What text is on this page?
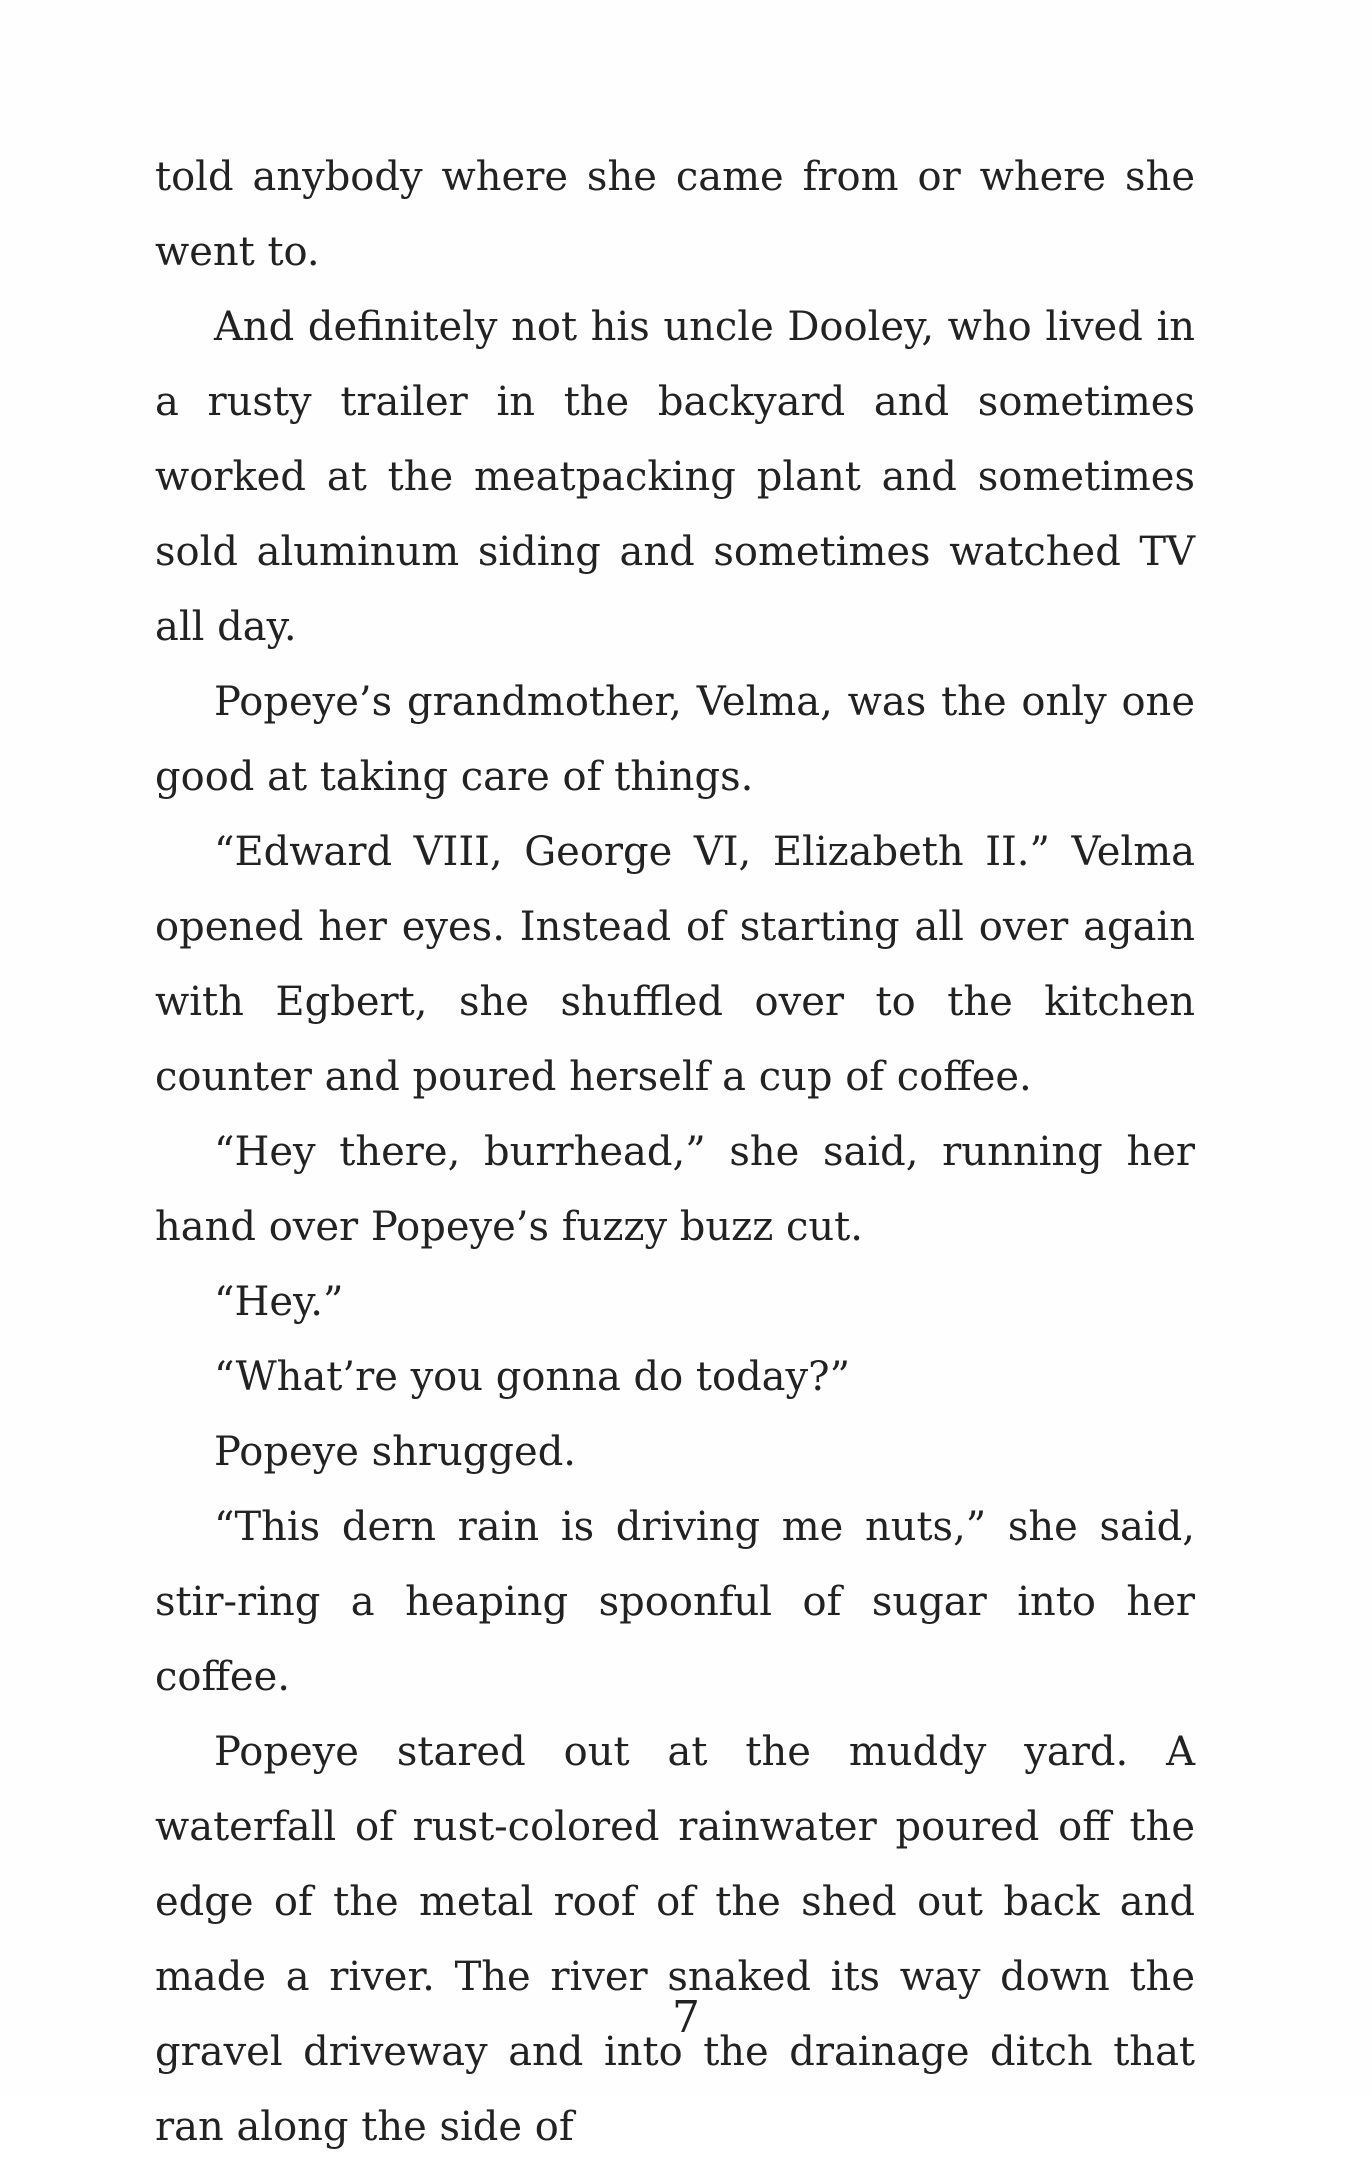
told anybody where she came from or where she went to.

And definitely not his uncle Dooley, who lived in a rusty trailer in the backyard and sometimes worked at the meatpacking plant and sometimes sold aluminum siding and sometimes watched TV all day.

Popeye’s grandmother, Velma, was the only one good at taking care of things.

“Edward VIII, George VI, Elizabeth II.” Velma opened her eyes. Instead of starting all over again with Egbert, she shuffled over to the kitchen counter and poured herself a cup of coffee.

“Hey there, burrhead,” she said, running her hand over Popeye’s fuzzy buzz cut.

“Hey.”

“What’re you gonna do today?”

Popeye shrugged.

“This dern rain is driving me nuts,” she said, stir-ring a heaping spoonful of sugar into her coffee.

Popeye stared out at the muddy yard. A waterfall of rust-colored rainwater poured off the edge of the metal roof of the shed out back and made a river. The river snaked its way down the gravel driveway and into the drainage ditch that ran along the side of

7
